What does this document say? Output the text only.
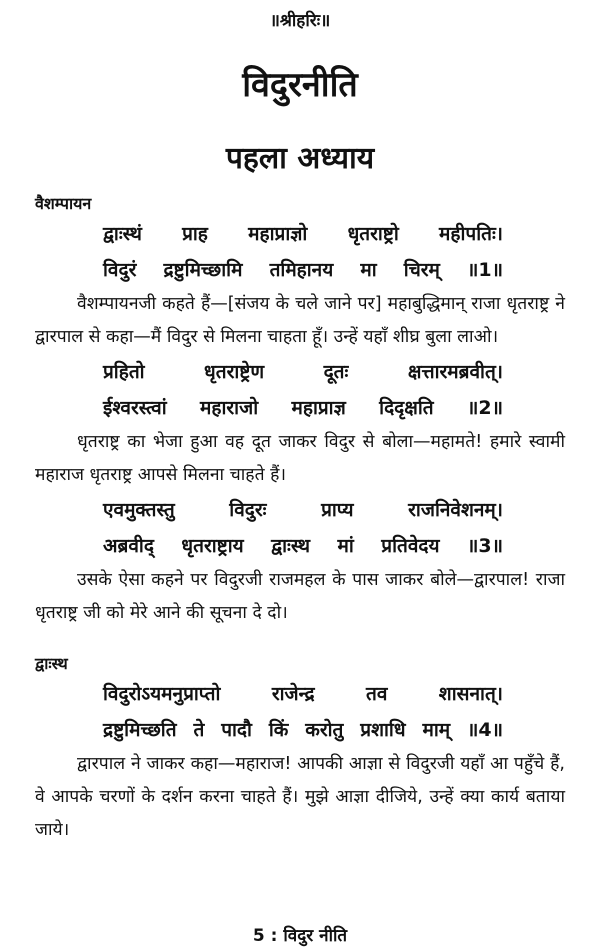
॥श्रीहरिः॥
विदुरनीति
पहला अध्याय
वैशम्पायन
द्वाःस्थं प्राह महाप्राज्ञो धृतराष्ट्रो महीपतिः।
विदुरं द्रष्टुमिच्छामि तमिहानय मा चिरम् ॥1॥
वैशम्पायनजी कहते हैं—[संजय के चले जाने पर] महाबुद्धिमान् राजा धृतराष्ट्र ने द्वारपाल से कहा—मैं विदुर से मिलना चाहता हूँ। उन्हें यहाँ शीघ्र बुला लाओ।
प्रहितो धृतराष्ट्रेण दूतः क्षत्तारमब्रवीत्।
ईश्वरस्त्वां महाराजो महाप्राज्ञ दिदृक्षति ॥2॥
धृतराष्ट्र का भेजा हुआ वह दूत जाकर विदुर से बोला—महामते! हमारे स्वामी महाराज धृतराष्ट्र आपसे मिलना चाहते हैं।
एवमुक्तस्तु विदुरः प्राप्य राजनिवेशनम्।
अब्रवीद् धृतराष्ट्राय द्वाःस्थ मां प्रतिवेदय ॥3॥
उसके ऐसा कहने पर विदुरजी राजमहल के पास जाकर बोले—द्वारपाल! राजा धृतराष्ट्र जी को मेरे आने की सूचना दे दो।
द्वाःस्थ
विदुरोऽयमनुप्राप्तो राजेन्द्र तव शासनात्।
द्रष्टुमिच्छति ते पादौ किं करोतु प्रशाधि माम् ॥4॥
द्वारपाल ने जाकर कहा—महाराज! आपकी आज्ञा से विदुरजी यहाँ आ पहुँचे हैं, वे आपके चरणों के दर्शन करना चाहते हैं। मुझे आज्ञा दीजिये, उन्हें क्या कार्य बताया जाये।
5 : विदुर नीति
